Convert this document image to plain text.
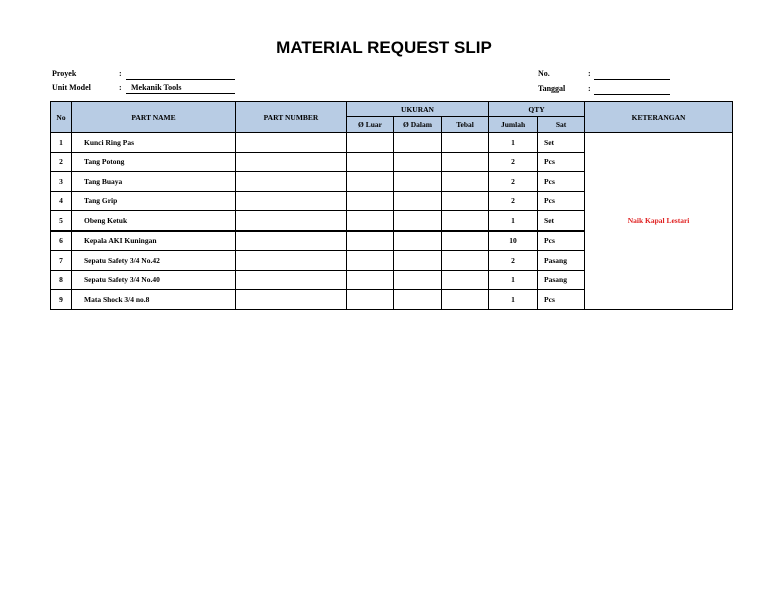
MATERIAL REQUEST SLIP
Proyek	:
Unit Model	: Mekanik Tools
No.	:
Tanggal	:
No	PART NAME	PART NUMBER	UKURAN			QTY		KETERANGAN
			Ø Luar	Ø Dalam	Tebal	Jumlah	Sat	
1	Kunci Ring Pas					1	Set	Naik Kapal Lestari
2	Tang Potong					2	Pcs	
3	Tang Buaya					2	Pcs	
4	Tang Grip					2	Pcs	
5	Obeng Ketuk					1	Set	
6	Kepala AKI Kuningan					10	Pcs	
7	Sepatu Safety 3/4 No.42					2	Pasang	
8	Sepatu Safety 3/4 No.40					1	Pasang	
9	Mata Shock 3/4 no.8					1	Pcs	
